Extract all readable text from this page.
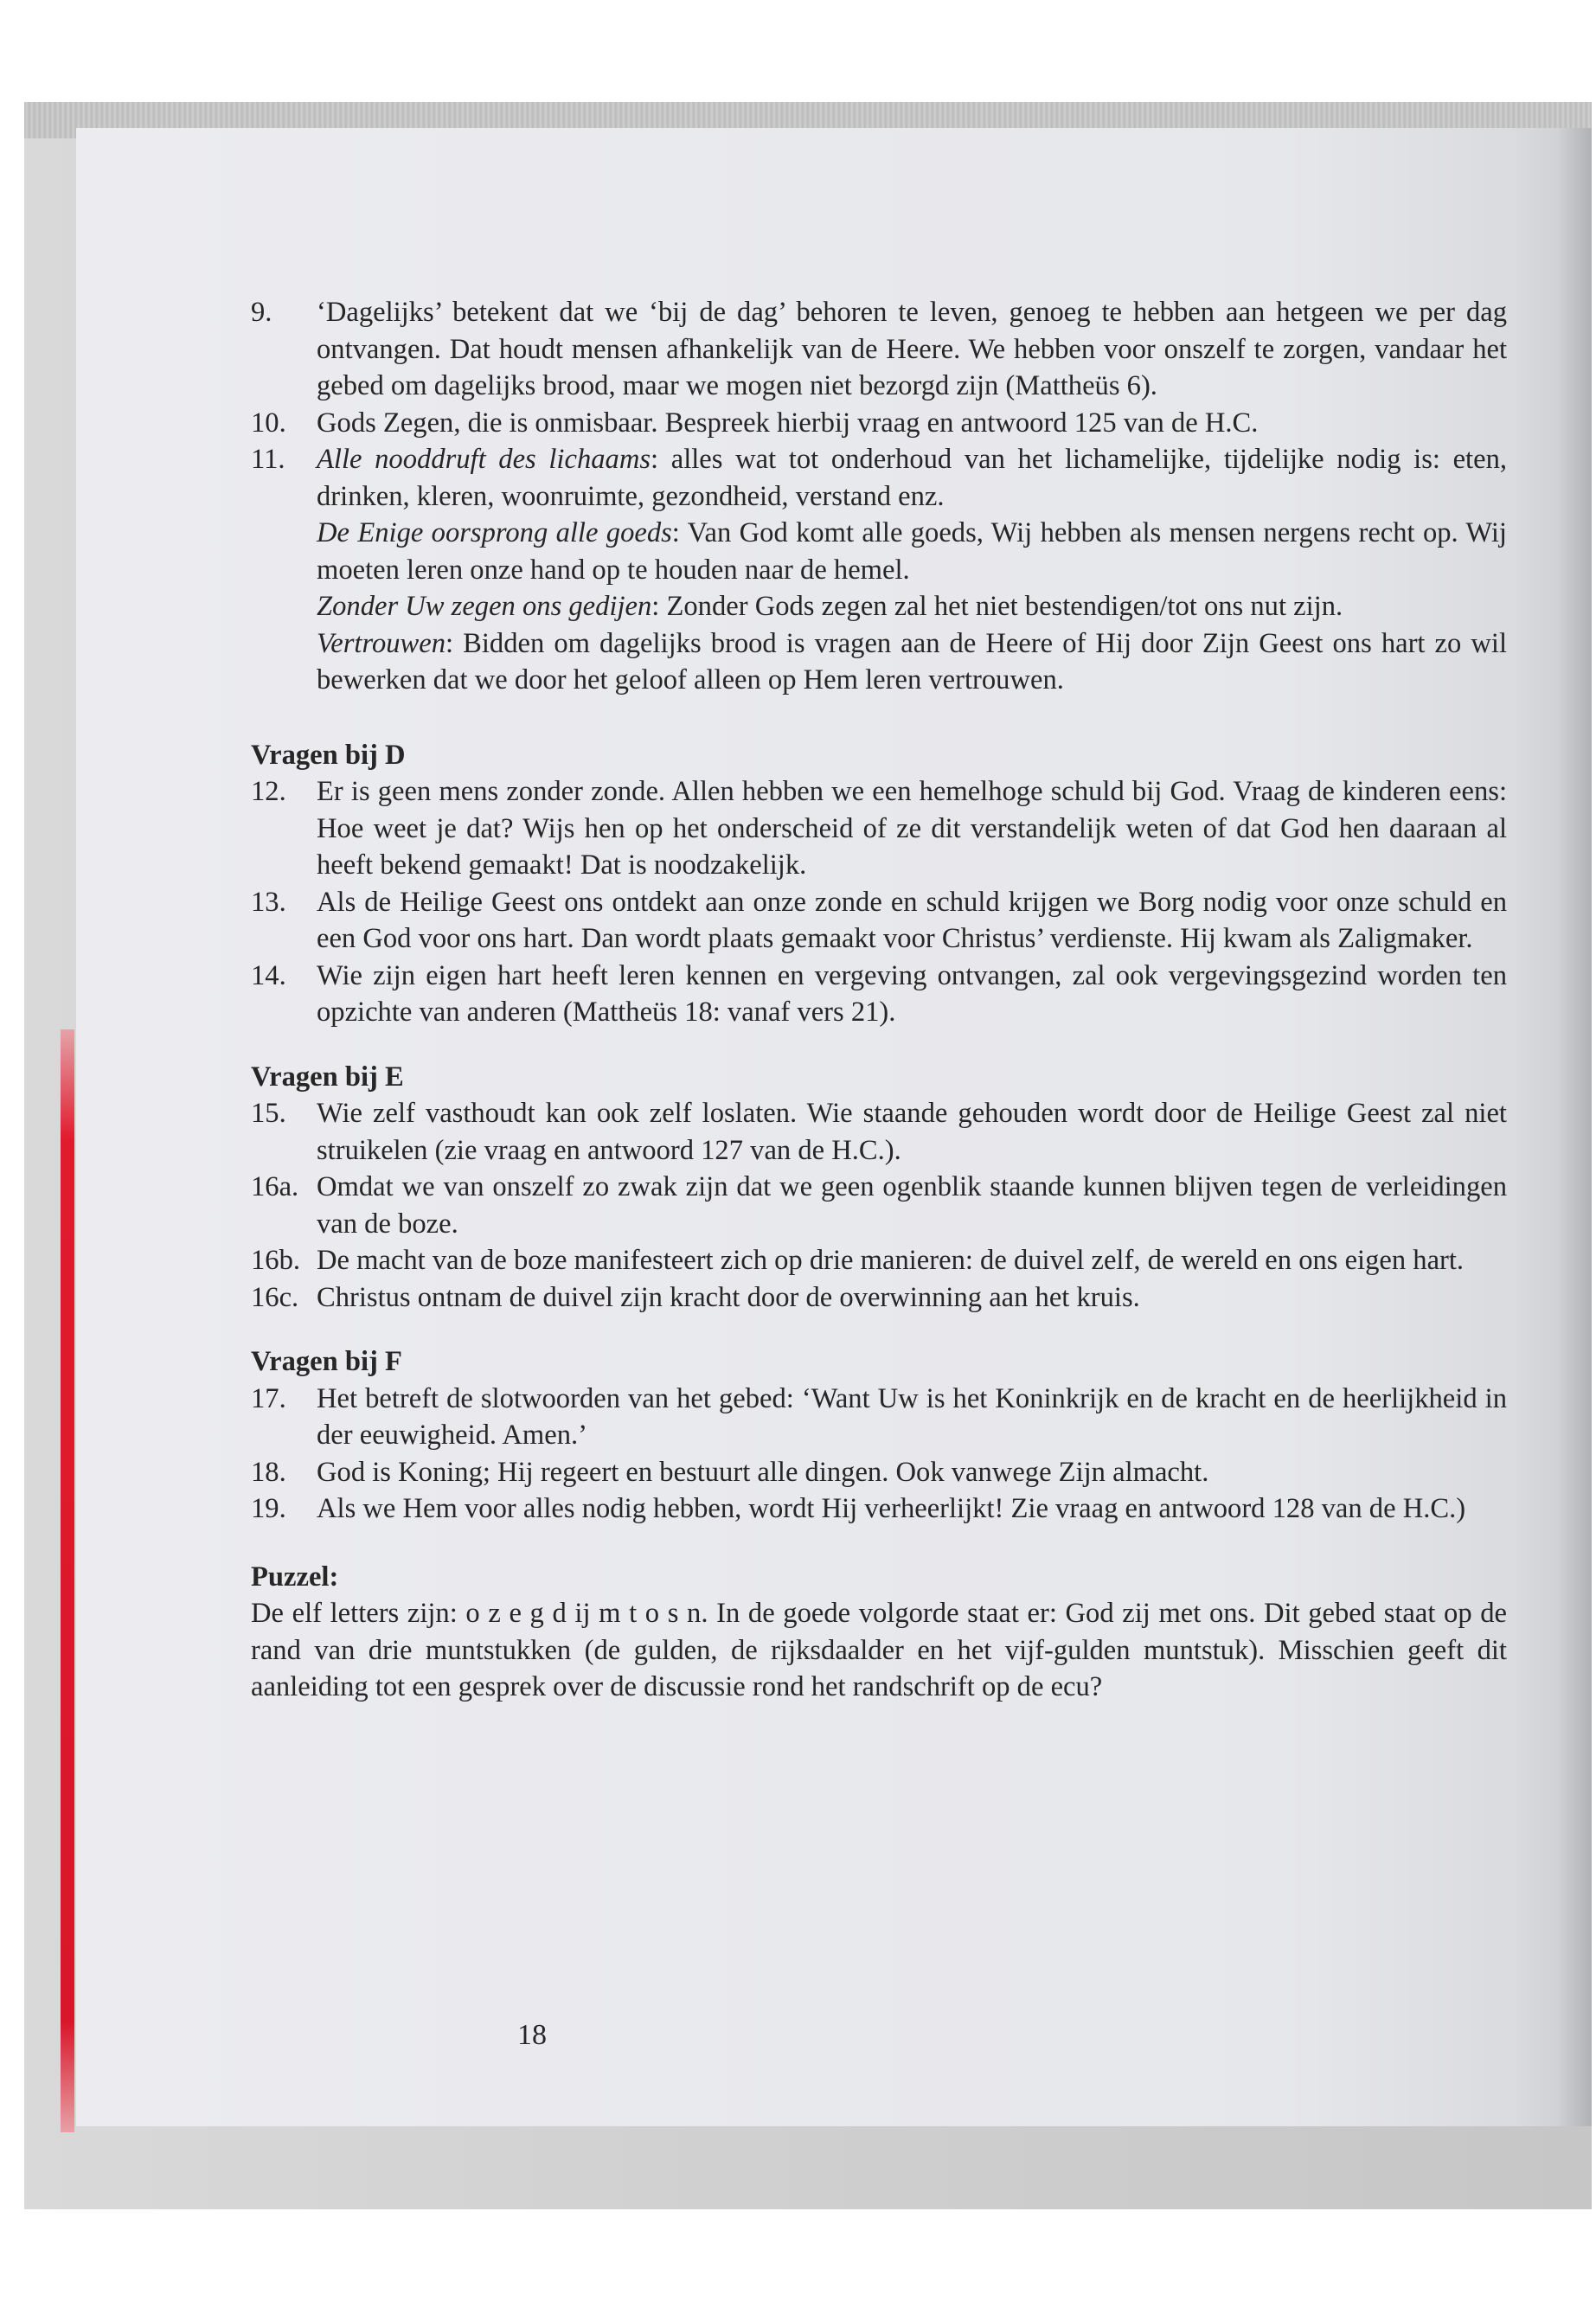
9.	‘Dagelijks’ betekent dat we ‘bij de dag’ behoren te leven, genoeg te hebben aan hetgeen we per dag ontvangen. Dat houdt mensen afhankelijk van de Heere. We hebben voor onszelf te zorgen, vandaar het gebed om dagelijks brood, maar we mogen niet bezorgd zijn (Mattheüs 6).
10.	Gods Zegen, die is onmisbaar. Bespreek hierbij vraag en antwoord 125 van de H.C.
11.	Alle nooddruft des lichaams: alles wat tot onderhoud van het lichamelijke, tijdelijke nodig is: eten, drinken, kleren, woonruimte, gezondheid, verstand enz.
De Enige oorsprong alle goeds: Van God komt alle goeds, Wij hebben als mensen nergens recht op. Wij moeten leren onze hand op te houden naar de hemel.
Zonder Uw zegen ons gedijen: Zonder Gods zegen zal het niet bestendigen/tot ons nut zijn.
Vertrouwen: Bidden om dagelijks brood is vragen aan de Heere of Hij door Zijn Geest ons hart zo wil bewerken dat we door het geloof alleen op Hem leren vertrouwen.
Vragen bij D
12.	Er is geen mens zonder zonde. Allen hebben we een hemelhoge schuld bij God. Vraag de kinderen eens: Hoe weet je dat? Wijs hen op het onderscheid of ze dit verstandelijk weten of dat God hen daaraan al heeft bekend gemaakt! Dat is noodzakelijk.
13.	Als de Heilige Geest ons ontdekt aan onze zonde en schuld krijgen we Borg nodig voor onze schuld en een God voor ons hart. Dan wordt plaats gemaakt voor Christus’ verdienste. Hij kwam als Zaligmaker.
14.	Wie zijn eigen hart heeft leren kennen en vergeving ontvangen, zal ook vergevingsgezind worden ten opzichte van anderen (Mattheüs 18: vanaf vers 21).
Vragen bij E
15.	Wie zelf vasthoudt kan ook zelf loslaten. Wie staande gehouden wordt door de Heilige Geest zal niet struikelen (zie vraag en antwoord 127 van de H.C.).
16a. Omdat we van onszelf zo zwak zijn dat we geen ogenblik staande kunnen blijven tegen de verleidingen van de boze.
16b. De macht van de boze manifesteert zich op drie manieren: de duivel zelf, de wereld en ons eigen hart.
16c. Christus ontnam de duivel zijn kracht door de overwinning aan het kruis.
Vragen bij F
17.	Het betreft de slotwoorden van het gebed: ‘Want Uw is het Koninkrijk en de kracht en de heerlijkheid in der eeuwigheid. Amen.’
18.	God is Koning; Hij regeert en bestuurt alle dingen. Ook vanwege Zijn almacht.
19.	Als we Hem voor alles nodig hebben, wordt Hij verheerlijkt! Zie vraag en antwoord 128 van de H.C.)
Puzzel:
De elf letters zijn: o z e g d ij m t o s n. In de goede volgorde staat er: God zij met ons. Dit gebed staat op de rand van drie muntstukken (de gulden, de rijksdaalder en het vijf-gulden muntstuk). Misschien geeft dit aanleiding tot een gesprek over de discussie rond het randschrift op de ecu?
18
